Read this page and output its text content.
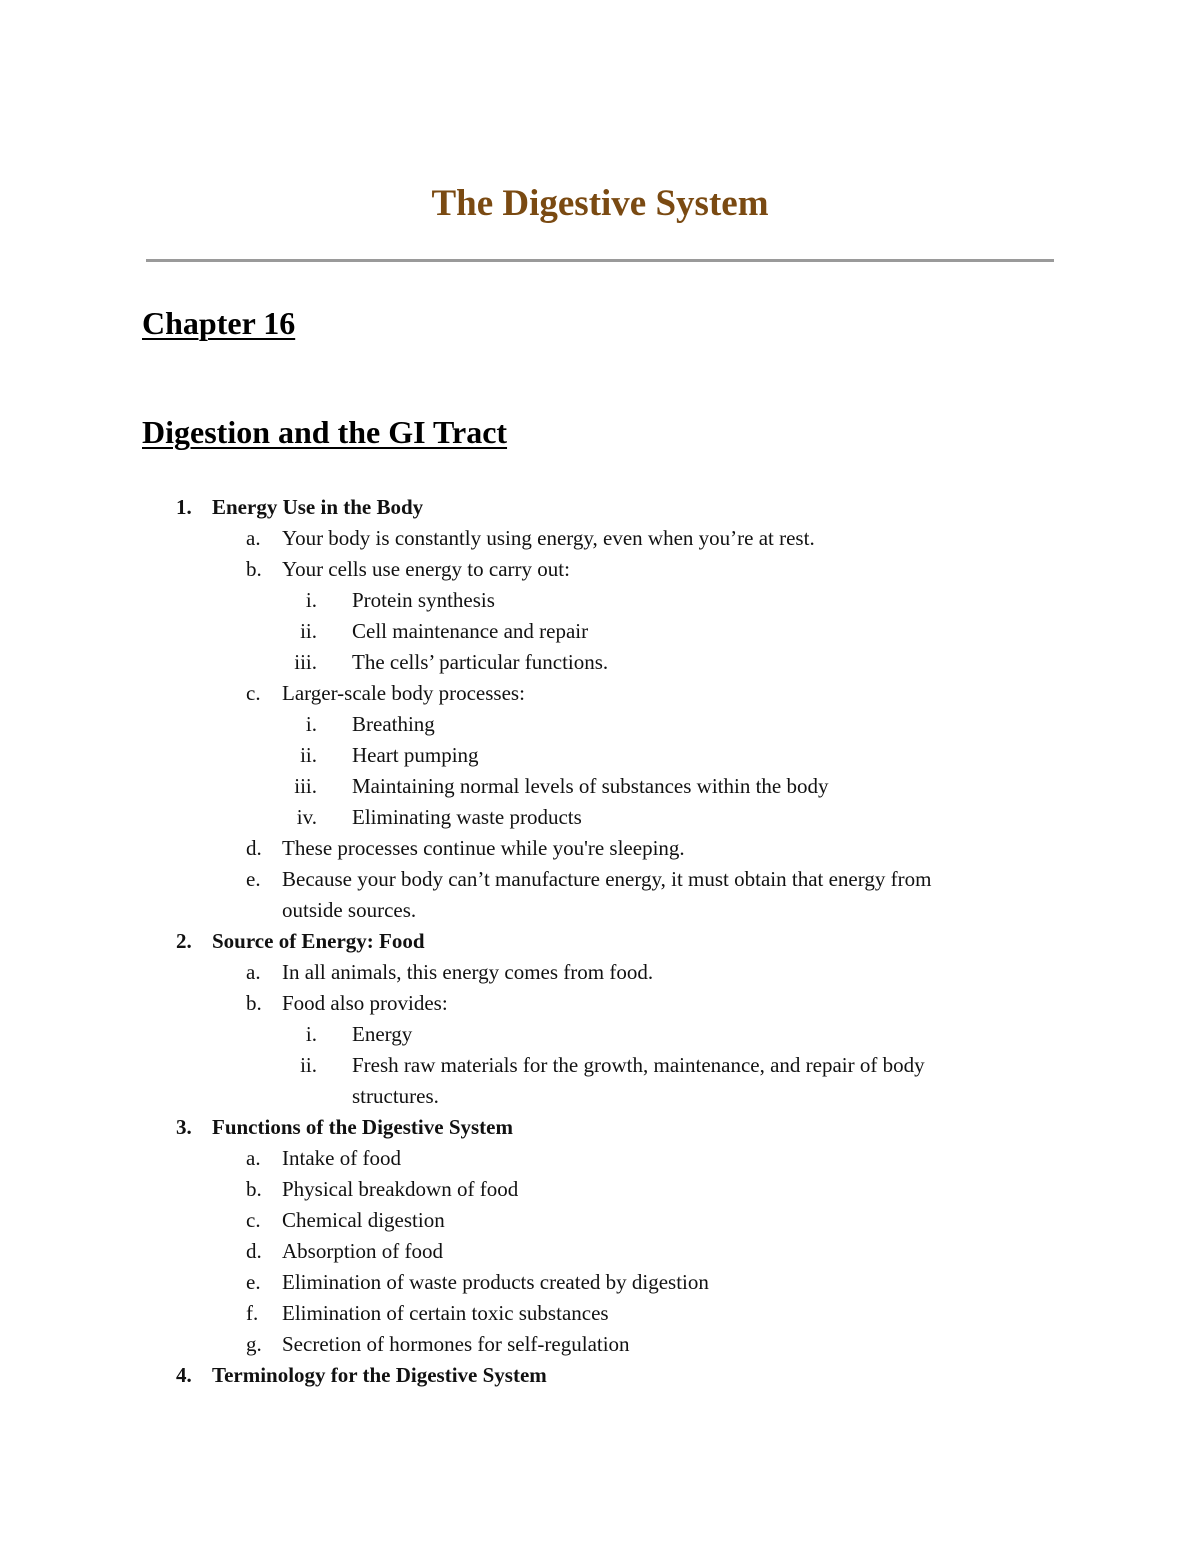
The Digestive System
Chapter 16
Digestion and the GI Tract
1. Energy Use in the Body
a. Your body is constantly using energy, even when you’re at rest.
b. Your cells use energy to carry out:
i. Protein synthesis
ii. Cell maintenance and repair
iii. The cells’ particular functions.
c. Larger-scale body processes:
i. Breathing
ii. Heart pumping
iii. Maintaining normal levels of substances within the body
iv. Eliminating waste products
d. These processes continue while you're sleeping.
e. Because your body can’t manufacture energy, it must obtain that energy from
outside sources.
2. Source of Energy: Food
a. In all animals, this energy comes from food.
b. Food also provides:
i. Energy
ii. Fresh raw materials for the growth, maintenance, and repair of body
structures.
3. Functions of the Digestive System
a. Intake of food
b. Physical breakdown of food
c. Chemical digestion
d. Absorption of food
e. Elimination of waste products created by digestion
f. Elimination of certain toxic substances
g. Secretion of hormones for self-regulation
4. Terminology for the Digestive System
